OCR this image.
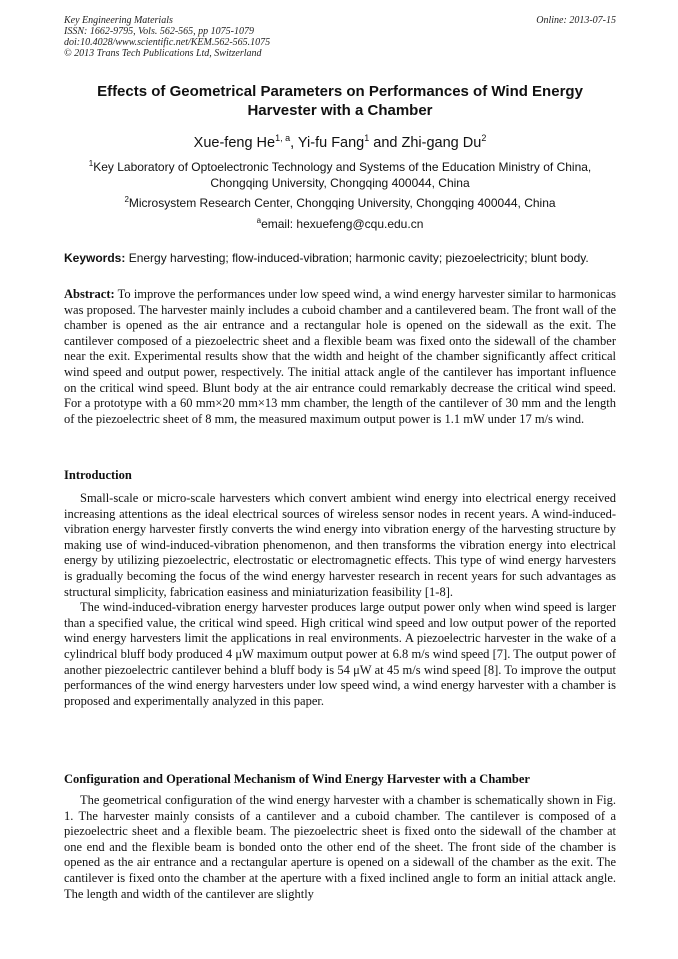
Key Engineering Materials
ISSN: 1662-9795, Vols. 562-565, pp 1075-1079
doi:10.4028/www.scientific.net/KEM.562-565.1075
© 2013 Trans Tech Publications Ltd, Switzerland
Online: 2013-07-15
Effects of Geometrical Parameters on Performances of Wind Energy
Harvester with a Chamber
Xue-feng He$^{1, a}$, Yi-fu Fang$^1$ and Zhi-gang Du$^2$
$^1$Key Laboratory of Optoelectronic Technology and Systems of the Education Ministry of China,
Chongqing University, Chongqing 400044, China
$^2$Microsystem Research Center, Chongqing University, Chongqing 400044, China
$^a$email: hexuefeng@cqu.edu.cn
Keywords: Energy harvesting; flow-induced-vibration; harmonic cavity; piezoelectricity; blunt body.

Abstract: To improve the performances under low speed wind, a wind energy harvester similar to harmonicas was proposed. The harvester mainly includes a cuboid chamber and a cantilevered beam. The front wall of the chamber is opened as the air entrance and a rectangular hole is opened on the sidewall as the exit. The cantilever composed of a piezoelectric sheet and a flexible beam was fixed onto the sidewall of the chamber near the exit. Experimental results show that the width and height of the chamber significantly affect critical wind speed and output power, respectively. The initial attack angle of the cantilever has important influence on the critical wind speed. Blunt body at the air entrance could remarkably decrease the critical wind speed. For a prototype with a 60 mm×20 mm×13 mm chamber, the length of the cantilever of 30 mm and the length of the piezoelectric sheet of 8 mm, the measured maximum output power is 1.1 mW under 17 m/s wind.

Introduction

Small-scale or micro-scale harvesters which convert ambient wind energy into electrical energy received increasing attentions as the ideal electrical sources of wireless sensor nodes in recent years. A wind-induced-vibration energy harvester firstly converts the wind energy into vibration energy of the harvesting structure by making use of wind-induced-vibration phenomenon, and then transforms the vibration energy into electrical energy by utilizing piezoelectric, electrostatic or electromagnetic effects. This type of wind energy harvesters is gradually becoming the focus of the wind energy harvester research in recent years for such advantages as structural simplicity, fabrication easiness and miniaturization feasibility [1-8].

The wind-induced-vibration energy harvester produces large output power only when wind speed is larger than a specified value, the critical wind speed. High critical wind speed and low output power of the reported wind energy harvesters limit the applications in real environments. A piezoelectric harvester in the wake of a cylindrical bluff body produced 4 μW maximum output power at 6.8 m/s wind speed [7]. The output power of another piezoelectric cantilever behind a bluff body is 54 μW at 45 m/s wind speed [8]. To improve the output performances of the wind energy harvesters under low speed wind, a wind energy harvester with a chamber is proposed and experimentally analyzed in this paper.

Configuration and Operational Mechanism of Wind Energy Harvester with a Chamber

The geometrical configuration of the wind energy harvester with a chamber is schematically shown in Fig. 1. The harvester mainly consists of a cantilever and a cuboid chamber. The cantilever is composed of a piezoelectric sheet and a flexible beam. The piezoelectric sheet is fixed onto the sidewall of the chamber at one end and the flexible beam is bonded onto the other end of the sheet. The front side of the chamber is opened as the air entrance and a rectangular aperture is opened on a sidewall of the chamber as the exit. The cantilever is fixed onto the chamber at the aperture with a fixed inclined angle to form an initial attack angle. The length and width of the cantilever are slightly
